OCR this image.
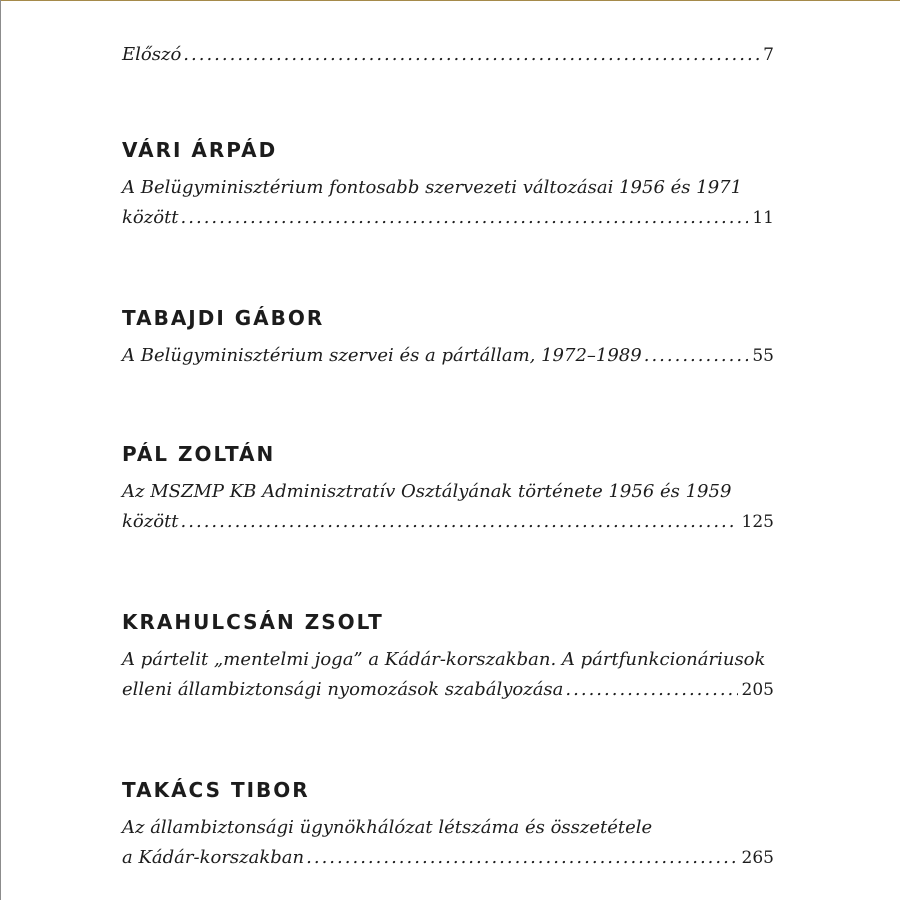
Előszó .....	7
VÁRI ÁRPÁD
A Belügyminisztérium fontosabb szervezeti változásai 1956 és 1971
között .....	11
TABAJDI GÁBOR
A Belügyminisztérium szervei és a pártállam, 1972–1989 .....	55
PÁL ZOLTÁN
Az MSZMP KB Adminisztratív Osztályának története 1956 és 1959
között .....	125
KRAHULCSÁN ZSOLT
A pártelit „mentelmi joga” a Kádár-korszakban. A pártfunkcionáriusok
elleni állambiztonsági nyomozások szabályozása .....	205
TAKÁCS TIBOR
Az állambiztonsági ügynökhálózat létszáma és összetétele
a Kádár-korszakban .....	265
